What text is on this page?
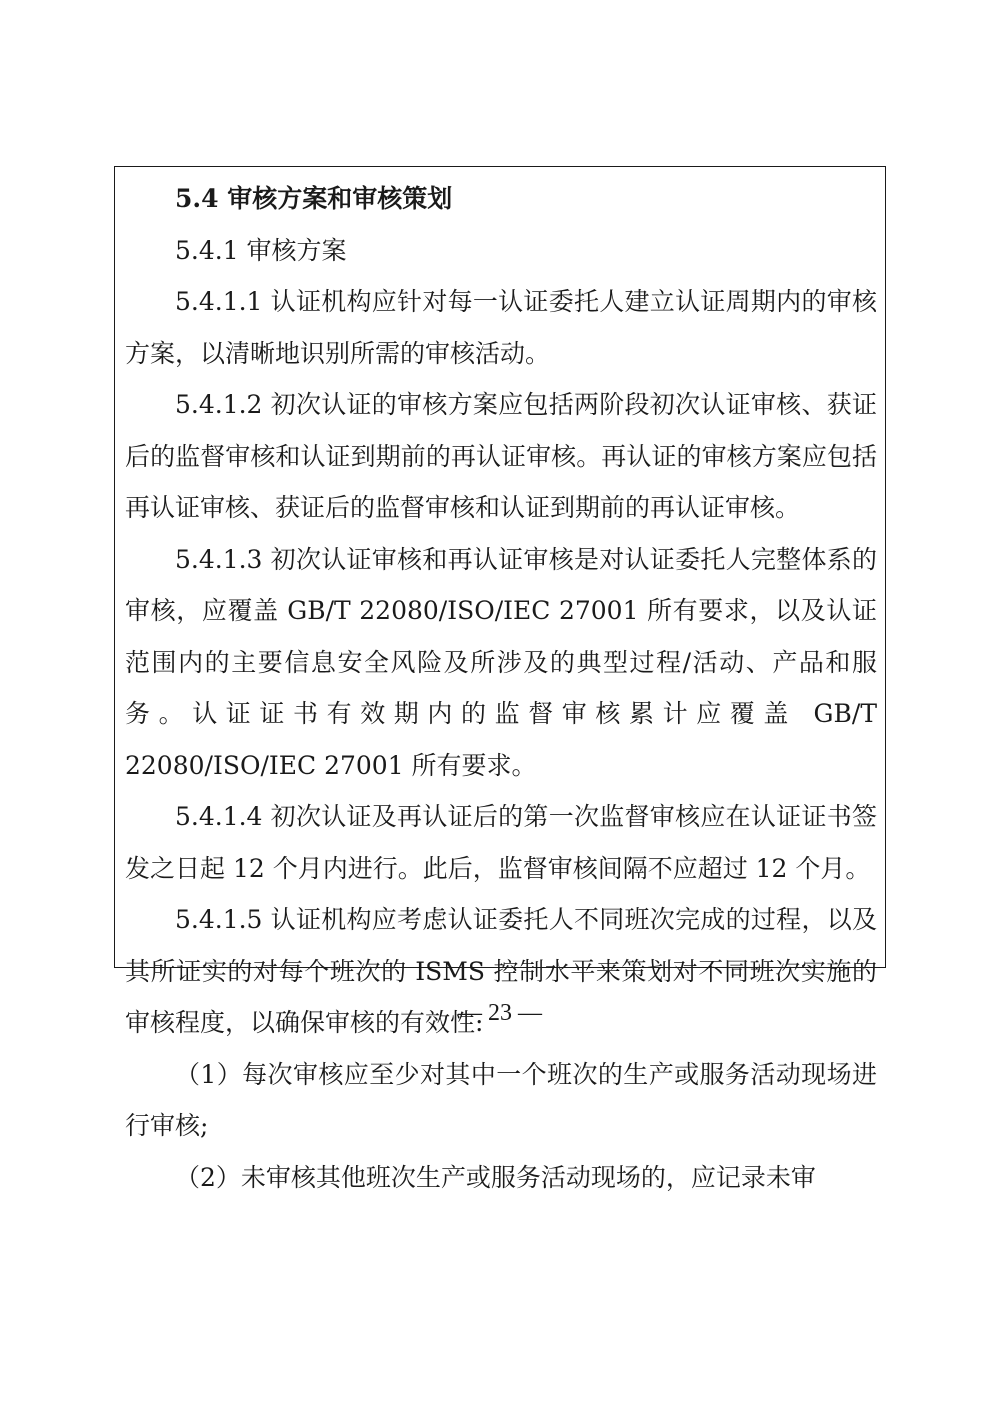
5.4 审核方案和审核策划

5.4.1 审核方案

5.4.1.1 认证机构应针对每一认证委托人建立认证周期内的审核方案，以清晰地识别所需的审核活动。

5.4.1.2 初次认证的审核方案应包括两阶段初次认证审核、获证后的监督审核和认证到期前的再认证审核。再认证的审核方案应包括再认证审核、获证后的监督审核和认证到期前的再认证审核。

5.4.1.3 初次认证审核和再认证审核是对认证委托人完整体系的审核，应覆盖 GB/T 22080/ISO/IEC 27001 所有要求，以及认证范围内的主要信息安全风险及所涉及的典型过程/活动、产品和服务。认证证书有效期内的监督审核累计应覆盖 GB/T 22080/ISO/IEC 27001 所有要求。

5.4.1.4 初次认证及再认证后的第一次监督审核应在认证证书签发之日起 12 个月内进行。此后，监督审核间隔不应超过 12 个月。

5.4.1.5 认证机构应考虑认证委托人不同班次完成的过程，以及其所证实的对每个班次的 ISMS 控制水平来策划对不同班次实施的审核程度，以确保审核的有效性:

（1）每次审核应至少对其中一个班次的生产或服务活动现场进行审核;

（2）未审核其他班次生产或服务活动现场的，应记录未审

— 23 —
